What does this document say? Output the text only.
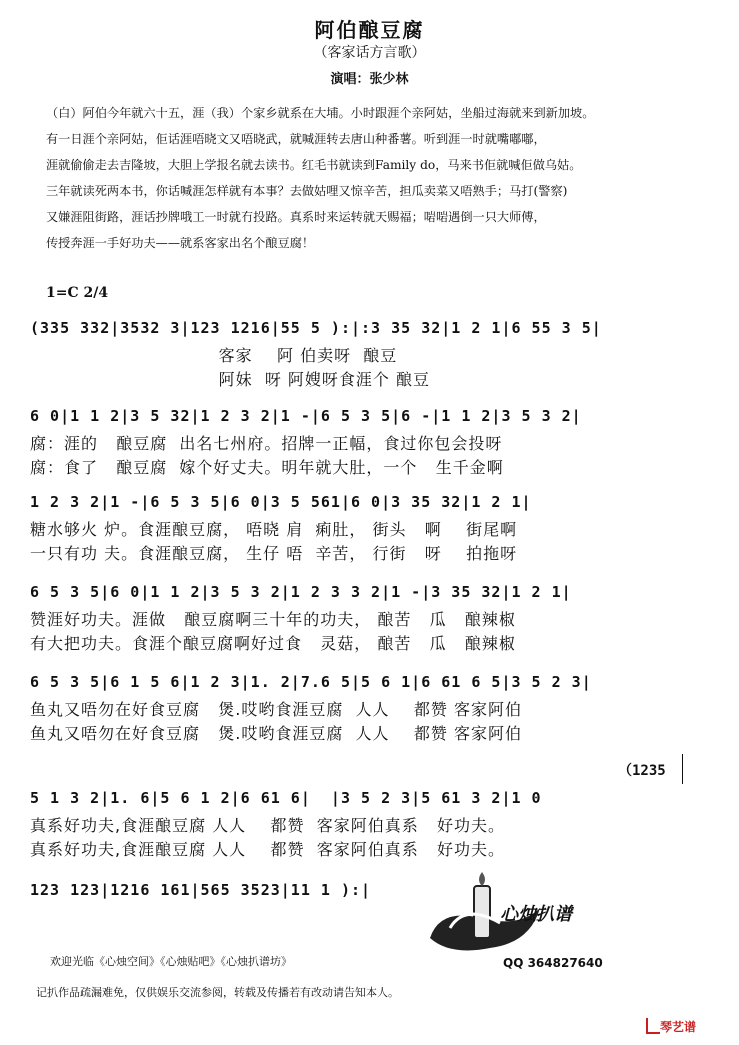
阿伯酿豆腐
（客家话方言歌）
演唱：张少林
（白）阿伯今年就六十五，涯（我）个家乡就系在大埔。小时跟涯个亲阿姑，坐船过海就来到新加坡。
有一日涯个亲阿姑，佢话涯唔晓文又唔晓武，就喊涯转去唐山种番薯。听到涯一时就嘴嘟嘟，
涯就偷偷走去吉隆坡，大胆上学报名就去读书。红毛书就读到Family do，马来书佢就喊佢做乌姑。
三年就读死两本书，你话喊涯怎样就有本事？去做姑哩又惊辛苦，担瓜卖菜又唔熟手；马打(警察)
又嫌涯阻街路，涯话抄牌哦工一时就冇投路。真系时来运转就天赐福；啱啱遇倒一只大师傅，
传授奔涯一手好功夫——就系客家出名个酿豆腐！
1=C 2/4
(335 332|3532 3|123 1216|55 5 ):|:3 35 32|1 2 1|6 55 3 5|
客家    阿 伯卖呀  酿豆
阿妹  呀 阿嫂呀食涯个 酿豆
6 0|1 1 2|3 5 32|1 2 3 2|1 -|6 5 3 5|6 -|1 1 2|3 5 3 2|
腐：涯的   酿豆腐  出名七州府。招牌一正幅，食过你包会投呀
腐：食了   酿豆腐  嫁个好丈夫。明年就大肚，一个   生千金啊
1 2 3 2|1 -|6 5 3 5|6 0|3 5 561|6 0|3 35 32|1 2 1|
糖水够火 炉。食涯酿豆腐， 唔晓 肩  痢肚， 街头   啊    街尾啊
一只有功 夫。食涯酿豆腐， 生仔 唔  辛苦， 行街   呀    拍拖呀
6 5 3 5|6 0|1 1 2|3 5 3 2|1 2 3 3 2|1 -|3 35 32|1 2 1|
赞涯好功夫。涯做   酿豆腐啊三十年的功夫， 酿苦   瓜   酿辣椒
有大把功夫。食涯个酿豆腐啊好过食   灵菇， 酿苦   瓜   酿辣椒
6 5 3 5|6 1 5 6|1 2 3|1. 2|7.6 5|5 6 1|6 61 6 5|3 5 2 3|
鱼丸又唔勿在好食豆腐   煲.哎哟食涯豆腐  人人    都赞 客家阿伯
鱼丸又唔勿在好食豆腐   煲.哎哟食涯豆腐  人人    都赞 客家阿伯
（1235
5 1 3 2|1. 6|5 6 1 2|6 61 6|  |3 5 2 3|5 61 3 2|1 0
真系好功夫,食涯酿豆腐 人人    都赞  客家阿伯真系   好功夫。
真系好功夫,食涯酿豆腐 人人    都赞  客家阿伯真系   好功夫。
123 123|1216 161|565 3523|11 1 ):|
心烛扒谱
QQ 364827640
欢迎光临《心烛空间》《心烛贴吧》《心烛扒谱坊》
记扒作品疏漏难免，仅供娱乐交流参阅，转载及传播若有改动请告知本人。
琴艺谱
